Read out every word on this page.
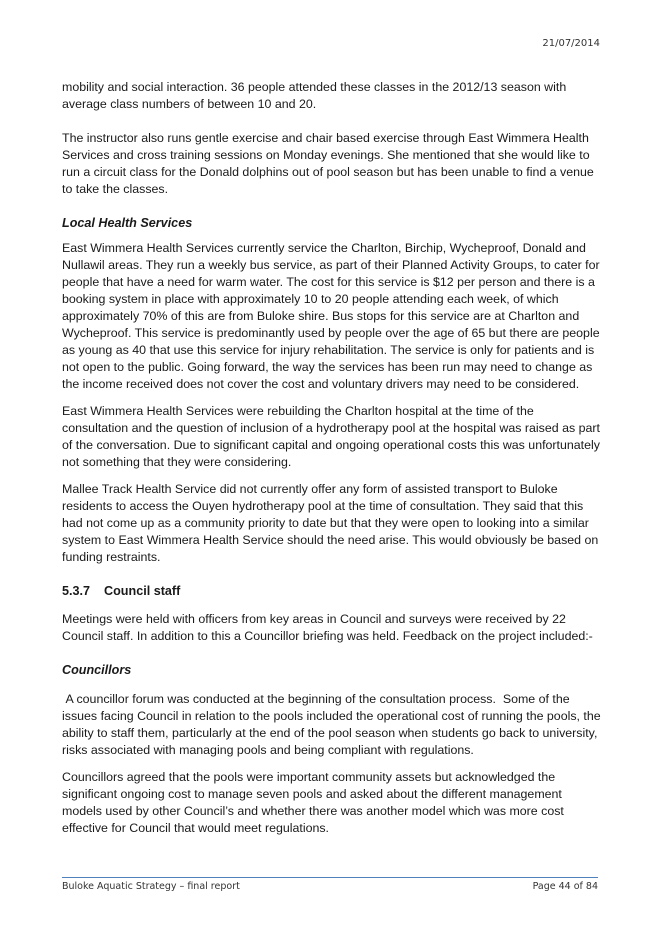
21/07/2014

mobility and social interaction. 36 people attended these classes in the 2012/13 season with average class numbers of between 10 and 20.

The instructor also runs gentle exercise and chair based exercise through East Wimmera Health Services and cross training sessions on Monday evenings. She mentioned that she would like to run a circuit class for the Donald dolphins out of pool season but has been unable to find a venue to take the classes.

Local Health Services

East Wimmera Health Services currently service the Charlton, Birchip, Wycheproof, Donald and Nullawil areas. They run a weekly bus service, as part of their Planned Activity Groups, to cater for people that have a need for warm water. The cost for this service is $12 per person and there is a booking system in place with approximately 10 to 20 people attending each week, of which approximately 70% of this are from Buloke shire. Bus stops for this service are at Charlton and Wycheproof. This service is predominantly used by people over the age of 65 but there are people as young as 40 that use this service for injury rehabilitation. The service is only for patients and is not open to the public. Going forward, the way the services has been run may need to change as the income received does not cover the cost and voluntary drivers may need to be considered.

East Wimmera Health Services were rebuilding the Charlton hospital at the time of the consultation and the question of inclusion of a hydrotherapy pool at the hospital was raised as part of the conversation. Due to significant capital and ongoing operational costs this was unfortunately not something that they were considering.

Mallee Track Health Service did not currently offer any form of assisted transport to Buloke residents to access the Ouyen hydrotherapy pool at the time of consultation. They said that this had not come up as a community priority to date but that they were open to looking into a similar system to East Wimmera Health Service should the need arise. This would obviously be based on funding restraints.

5.3.7 Council staff

Meetings were held with officers from key areas in Council and surveys were received by 22 Council staff. In addition to this a Councillor briefing was held. Feedback on the project included:-

Councillors

A councillor forum was conducted at the beginning of the consultation process.  Some of the issues facing Council in relation to the pools included the operational cost of running the pools, the ability to staff them, particularly at the end of the pool season when students go back to university, risks associated with managing pools and being compliant with regulations.

Councillors agreed that the pools were important community assets but acknowledged the significant ongoing cost to manage seven pools and asked about the different management models used by other Council’s and whether there was another model which was more cost effective for Council that would meet regulations.

Buloke Aquatic Strategy – final report	Page 44 of 84
